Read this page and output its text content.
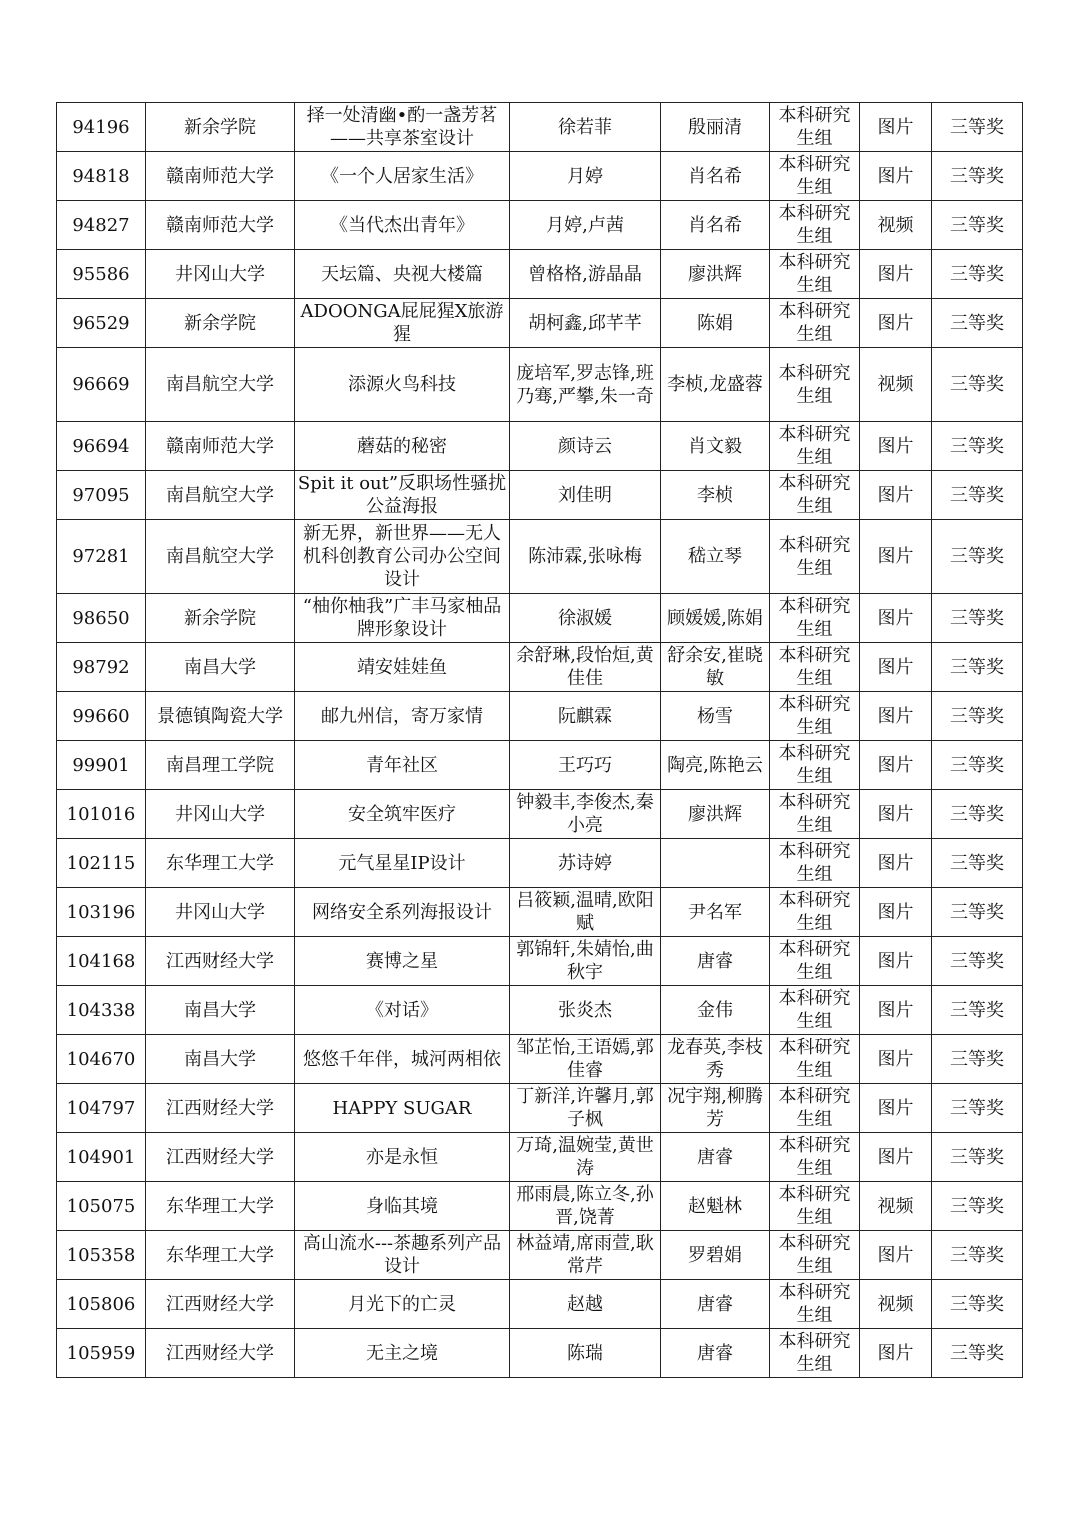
94196	新余学院	择一处清幽•酌一盏芳茗——共享茶室设计	徐若菲	殷丽清	本科研究生组	图片	三等奖
94818	赣南师范大学	《一个人居家生活》	月婷	肖名希	本科研究生组	图片	三等奖
94827	赣南师范大学	《当代杰出青年》	月婷,卢茜	肖名希	本科研究生组	视频	三等奖
95586	井冈山大学	天坛篇、央视大楼篇	曾格格,游晶晶	廖洪辉	本科研究生组	图片	三等奖
96529	新余学院	ADOONGA屁屁猩X旅游猩	胡柯鑫,邱芊芊	陈娟	本科研究生组	图片	三等奖
96669	南昌航空大学	添源火鸟科技	庞培军,罗志锋,班乃骞,严攀,朱一奇	李桢,龙盛蓉	本科研究生组	视频	三等奖
96694	赣南师范大学	蘑菇的秘密	颜诗云	肖文毅	本科研究生组	图片	三等奖
97095	南昌航空大学	Spit it out”反职场性骚扰公益海报	刘佳明	李桢	本科研究生组	图片	三等奖
97281	南昌航空大学	新无界，新世界——无人机科创教育公司办公空间设计	陈沛霖,张咏梅	嵇立琴	本科研究生组	图片	三等奖
98650	新余学院	“柚你柚我”广丰马家柚品牌形象设计	徐淑媛	顾媛媛,陈娟	本科研究生组	图片	三等奖
98792	南昌大学	靖安娃娃鱼	余舒琳,段怡烜,黄佳佳	舒余安,崔晓敏	本科研究生组	图片	三等奖
99660	景德镇陶瓷大学	邮九州信，寄万家情	阮麒霖	杨雪	本科研究生组	图片	三等奖
99901	南昌理工学院	青年社区	王巧巧	陶亮,陈艳云	本科研究生组	图片	三等奖
101016	井冈山大学	安全筑牢医疗	钟毅丰,李俊杰,秦小亮	廖洪辉	本科研究生组	图片	三等奖
102115	东华理工大学	元气星星IP设计	苏诗婷		本科研究生组	图片	三等奖
103196	井冈山大学	网络安全系列海报设计	吕筱颖,温晴,欧阳赋	尹名军	本科研究生组	图片	三等奖
104168	江西财经大学	赛博之星	郭锦轩,朱婧怡,曲秋宇	唐睿	本科研究生组	图片	三等奖
104338	南昌大学	《对话》	张炎杰	金伟	本科研究生组	图片	三等奖
104670	南昌大学	悠悠千年伴，城河两相依	邹芷怡,王语嫣,郭佳睿	龙春英,李枝秀	本科研究生组	图片	三等奖
104797	江西财经大学	HAPPY SUGAR	丁新洋,许馨月,郭子枫	况宇翔,柳腾芳	本科研究生组	图片	三等奖
104901	江西财经大学	亦是永恒	万琦,温婉莹,黄世涛	唐睿	本科研究生组	图片	三等奖
105075	东华理工大学	身临其境	邢雨晨,陈立冬,孙晋,饶菁	赵魁林	本科研究生组	视频	三等奖
105358	东华理工大学	高山流水---茶趣系列产品设计	林益靖,席雨萱,耿常芹	罗碧娟	本科研究生组	图片	三等奖
105806	江西财经大学	月光下的亡灵	赵越	唐睿	本科研究生组	视频	三等奖
105959	江西财经大学	无主之境	陈瑞	唐睿	本科研究生组	图片	三等奖
